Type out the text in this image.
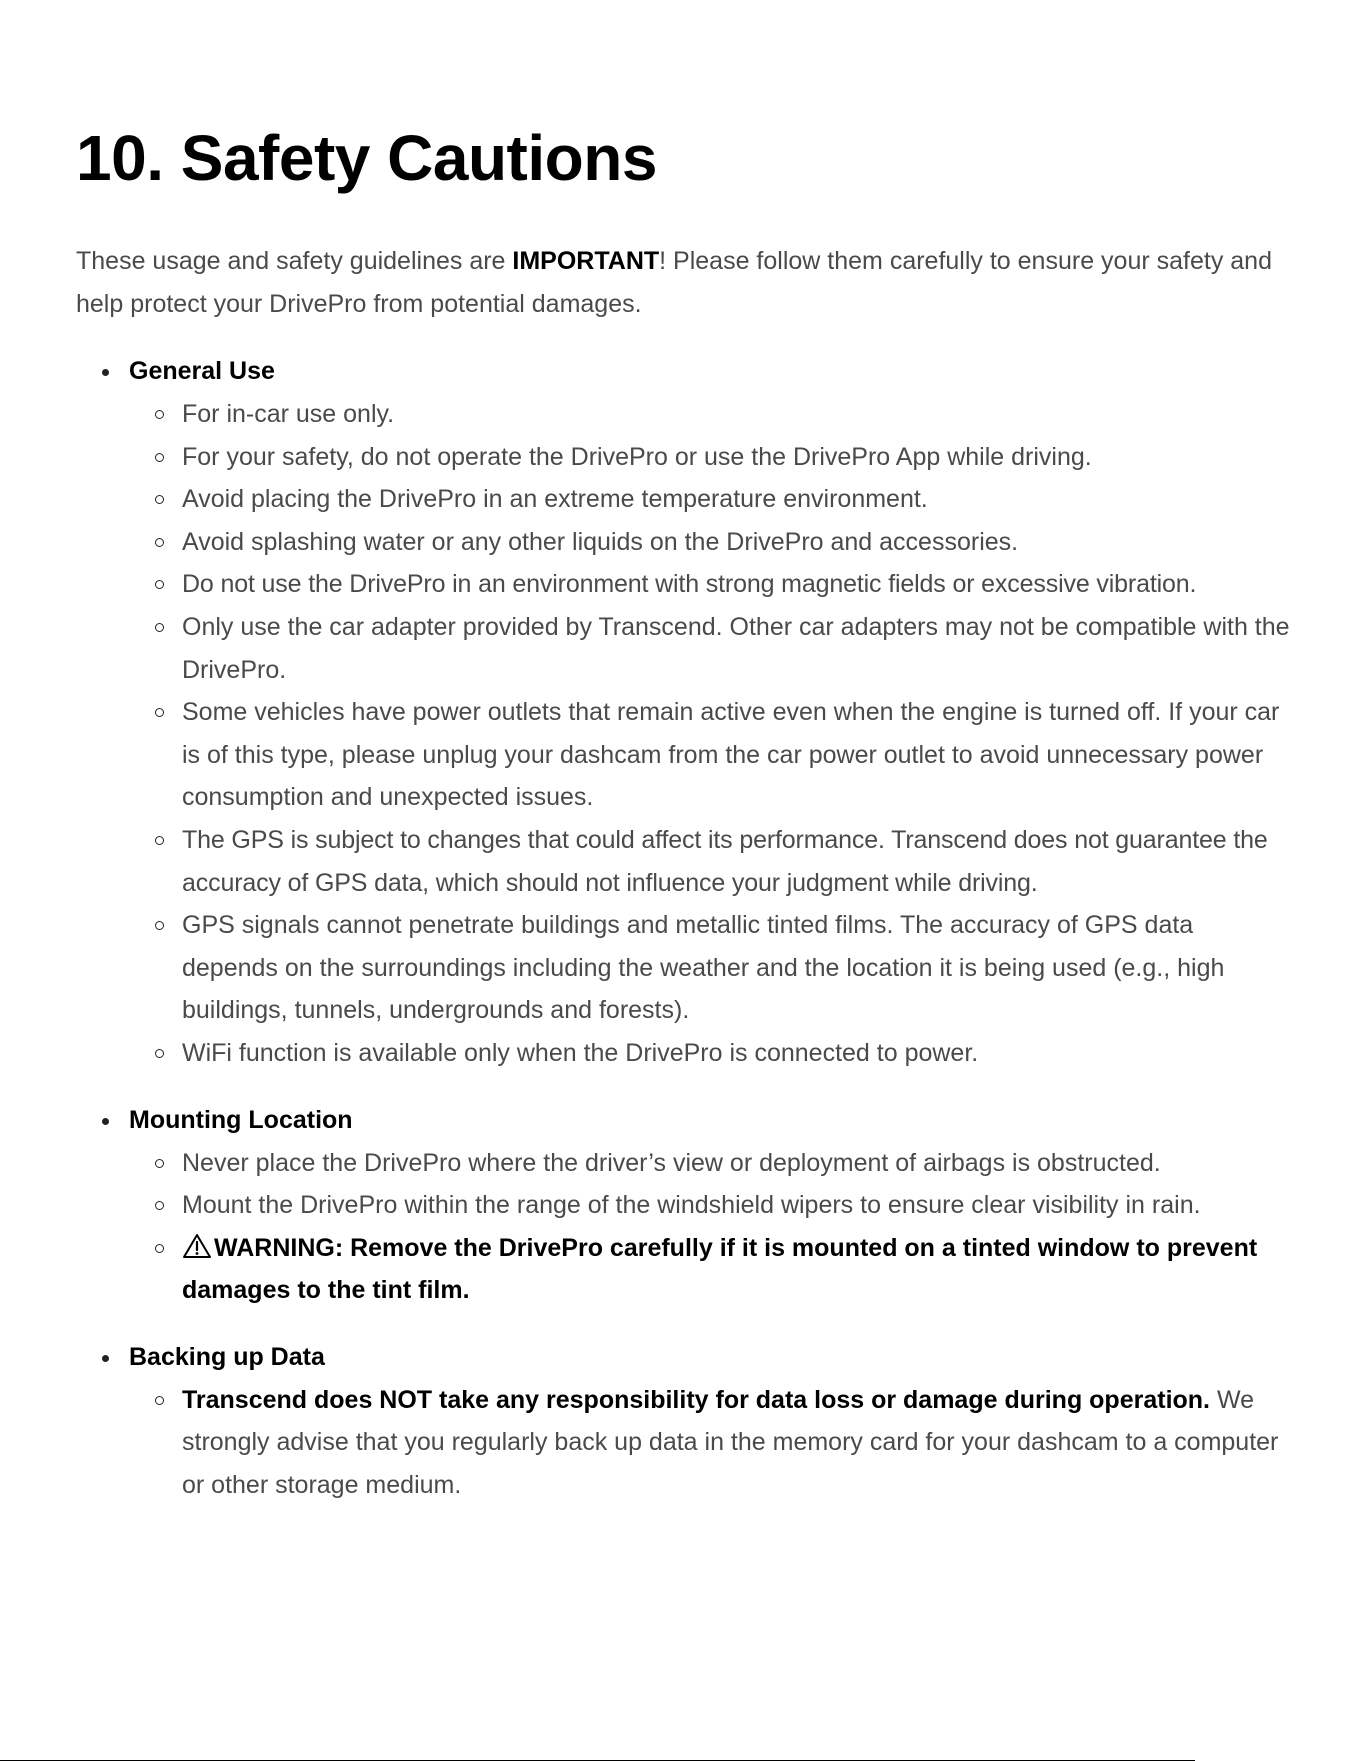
10. Safety Cautions

These usage and safety guidelines are IMPORTANT! Please follow them carefully to ensure your safety and help protect your DrivePro from potential damages.

General Use
For in-car use only.
For your safety, do not operate the DrivePro or use the DrivePro App while driving.
Avoid placing the DrivePro in an extreme temperature environment.
Avoid splashing water or any other liquids on the DrivePro and accessories.
Do not use the DrivePro in an environment with strong magnetic fields or excessive vibration.
Only use the car adapter provided by Transcend. Other car adapters may not be compatible with the DrivePro.
Some vehicles have power outlets that remain active even when the engine is turned off. If your car is of this type, please unplug your dashcam from the car power outlet to avoid unnecessary power consumption and unexpected issues.
The GPS is subject to changes that could affect its performance. Transcend does not guarantee the accuracy of GPS data, which should not influence your judgment while driving.
GPS signals cannot penetrate buildings and metallic tinted films. The accuracy of GPS data depends on the surroundings including the weather and the location it is being used (e.g., high buildings, tunnels, undergrounds and forests).
WiFi function is available only when the DrivePro is connected to power.
Mounting Location
Never place the DrivePro where the driver’s view or deployment of airbags is obstructed.
Mount the DrivePro within the range of the windshield wipers to ensure clear visibility in rain.
WARNING: Remove the DrivePro carefully if it is mounted on a tinted window to prevent damages to the tint film.
Backing up Data
Transcend does NOT take any responsibility for data loss or damage during operation. We strongly advise that you regularly back up data in the memory card for your dashcam to a computer or other storage medium.
